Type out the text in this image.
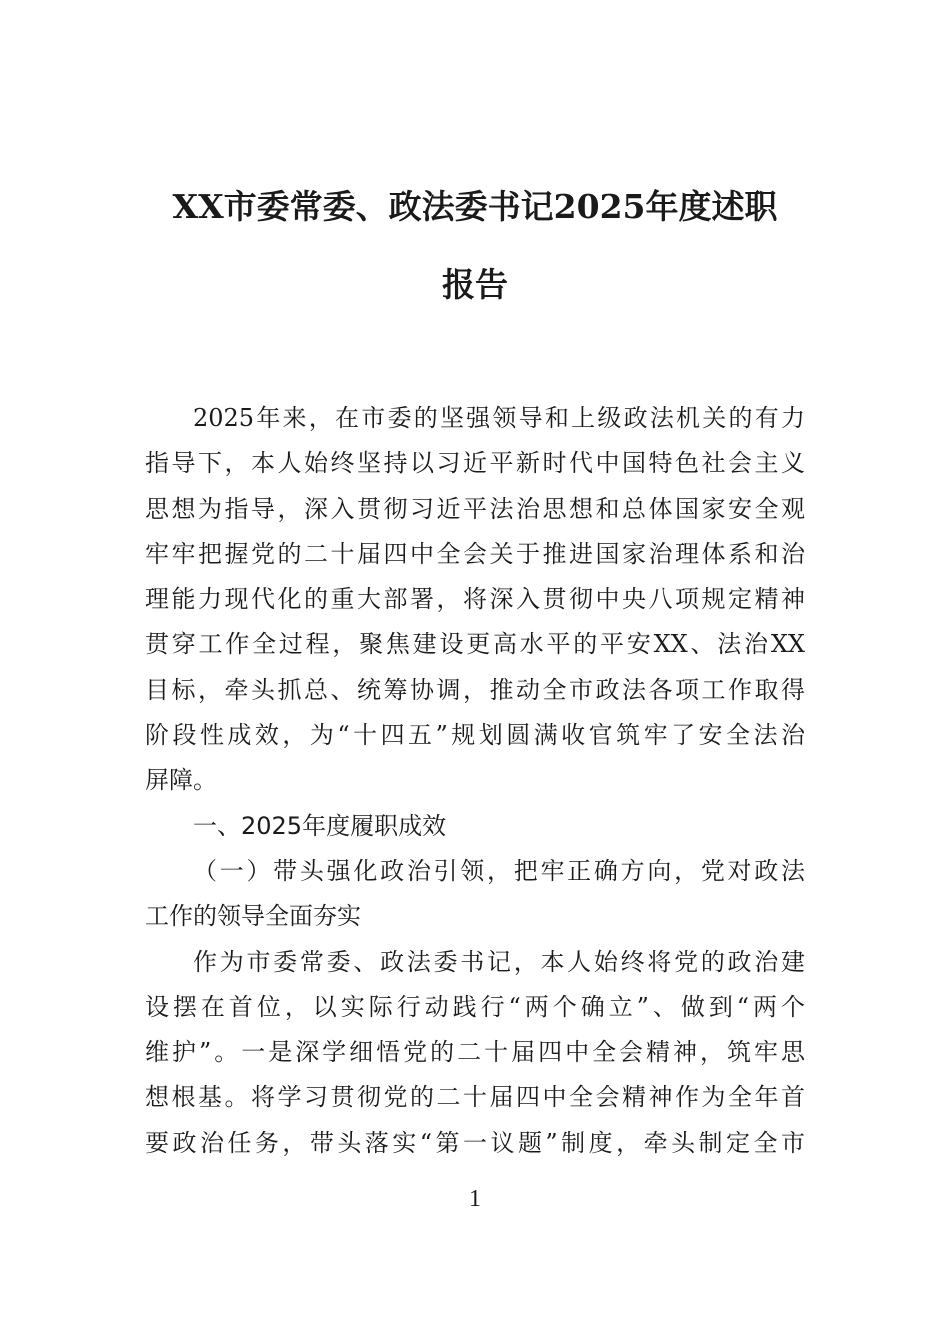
XX市委常委、政法委书记2025年度述职
报告
2025年来，在市委的坚强领导和上级政法机关的有力
指导下，本人始终坚持以习近平新时代中国特色社会主义
思想为指导，深入贯彻习近平法治思想和总体国家安全观
牢牢把握党的二十届四中全会关于推进国家治理体系和治
理能力现代化的重大部署，将深入贯彻中央八项规定精神
贯穿工作全过程，聚焦建设更高水平的平安XX、法治XX
目标，牵头抓总、统筹协调，推动全市政法各项工作取得
阶段性成效，为“十四五”规划圆满收官筑牢了安全法治
屏障。
一、2025年度履职成效
（一）带头强化政治引领，把牢正确方向，党对政法
工作的领导全面夯实
作为市委常委、政法委书记，本人始终将党的政治建
设摆在首位，以实际行动践行“两个确立”、做到“两个
维护”。一是深学细悟党的二十届四中全会精神，筑牢思
想根基。将学习贯彻党的二十届四中全会精神作为全年首
要政治任务，带头落实“第一议题”制度，牵头制定全市
1
